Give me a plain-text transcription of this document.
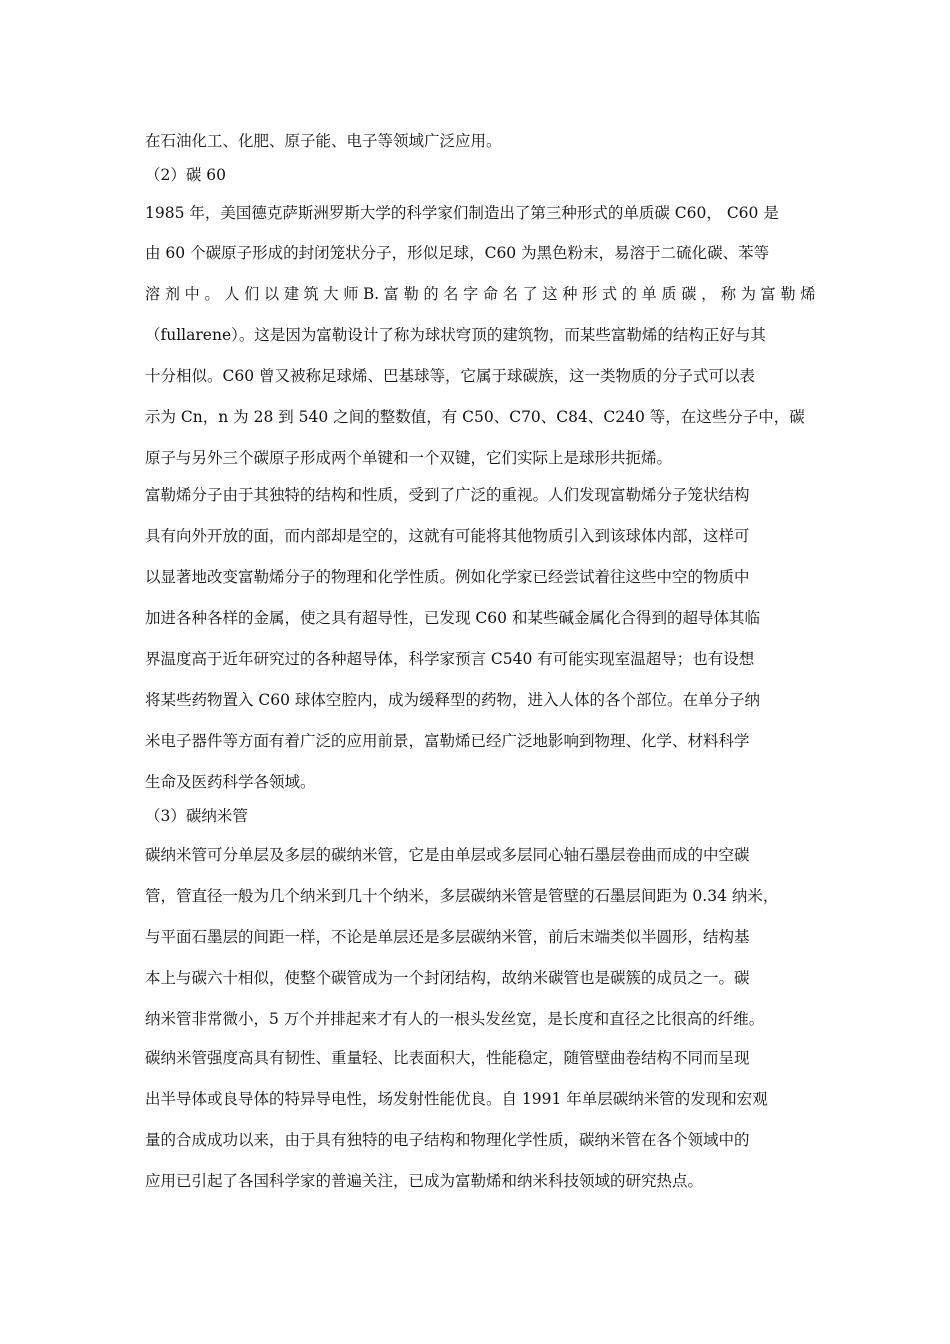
在石油化工、化肥、原子能、电子等领域广泛应用。
（2）碳 60
1985 年，美国德克萨斯洲罗斯大学的科学家们制造出了第三种形式的单质碳 C60， C60 是
由 60 个碳原子形成的封闭笼状分子，形似足球，C60 为黑色粉末，易溶于二硫化碳、苯等
溶 剂 中 。 人 们 以 建 筑 大 师 B. 富 勒 的 名 字 命 名 了 这 种 形 式 的 单 质 碳 ， 称 为 富 勒 烯
（fullarene）。这是因为富勒设计了称为球状穹顶的建筑物，而某些富勒烯的结构正好与其
十分相似。C60 曾又被称足球烯、巴基球等，它属于球碳族，这一类物质的分子式可以表
示为 Cn，n 为 28 到 540 之间的整数值，有 C50、C70、C84、C240 等，在这些分子中，碳
原子与另外三个碳原子形成两个单键和一个双键，它们实际上是球形共扼烯。
富勒烯分子由于其独特的结构和性质，受到了广泛的重视。人们发现富勒烯分子笼状结构
具有向外开放的面，而内部却是空的，这就有可能将其他物质引入到该球体内部，这样可
以显著地改变富勒烯分子的物理和化学性质。例如化学家已经尝试着往这些中空的物质中
加进各种各样的金属，使之具有超导性，已发现 C60 和某些碱金属化合得到的超导体其临
界温度高于近年研究过的各种超导体，科学家预言 C540 有可能实现室温超导；也有设想
将某些药物置入 C60 球体空腔内，成为缓释型的药物，进入人体的各个部位。在单分子纳
米电子器件等方面有着广泛的应用前景，富勒烯已经广泛地影响到物理、化学、材料科学
生命及医药科学各领域。
（3）碳纳米管
碳纳米管可分单层及多层的碳纳米管，它是由单层或多层同心轴石墨层卷曲而成的中空碳
管，管直径一般为几个纳米到几十个纳米，多层碳纳米管是管壁的石墨层间距为 0.34 纳米，
与平面石墨层的间距一样，不论是单层还是多层碳纳米管，前后末端类似半圆形，结构基
本上与碳六十相似，使整个碳管成为一个封闭结构，故纳米碳管也是碳簇的成员之一。碳
纳米管非常微小，5 万个并排起来才有人的一根头发丝宽，是长度和直径之比很高的纤维。
碳纳米管强度高具有韧性、重量轻、比表面积大，性能稳定，随管壁曲卷结构不同而呈现
出半导体或良导体的特异导电性，场发射性能优良。自 1991 年单层碳纳米管的发现和宏观
量的合成成功以来，由于具有独特的电子结构和物理化学性质，碳纳米管在各个领域中的
应用已引起了各国科学家的普遍关注，已成为富勒烯和纳米科技领域的研究热点。
